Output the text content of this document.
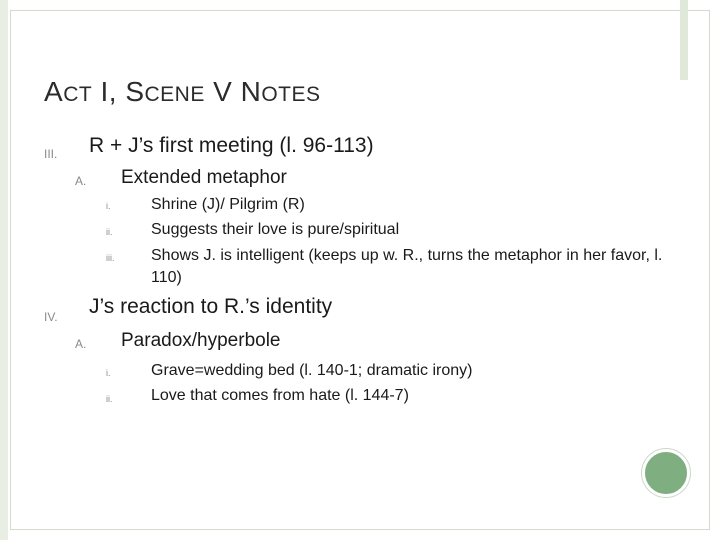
ACT I, SCENE V NOTES
III. R + J’s first meeting (l. 96-113)
A. Extended metaphor
i.	Shrine (J)/ Pilgrim (R)
ii. Suggests their love is pure/spiritual
iii. Shows J. is intelligent (keeps up w. R., turns the metaphor in her favor, l. 110)
IV. J’s reaction to R.’s identity
A. Paradox/hyperbole
i.	Grave=wedding bed (l. 140-1; dramatic irony)
ii. Love that comes from hate (l. 144-7)
